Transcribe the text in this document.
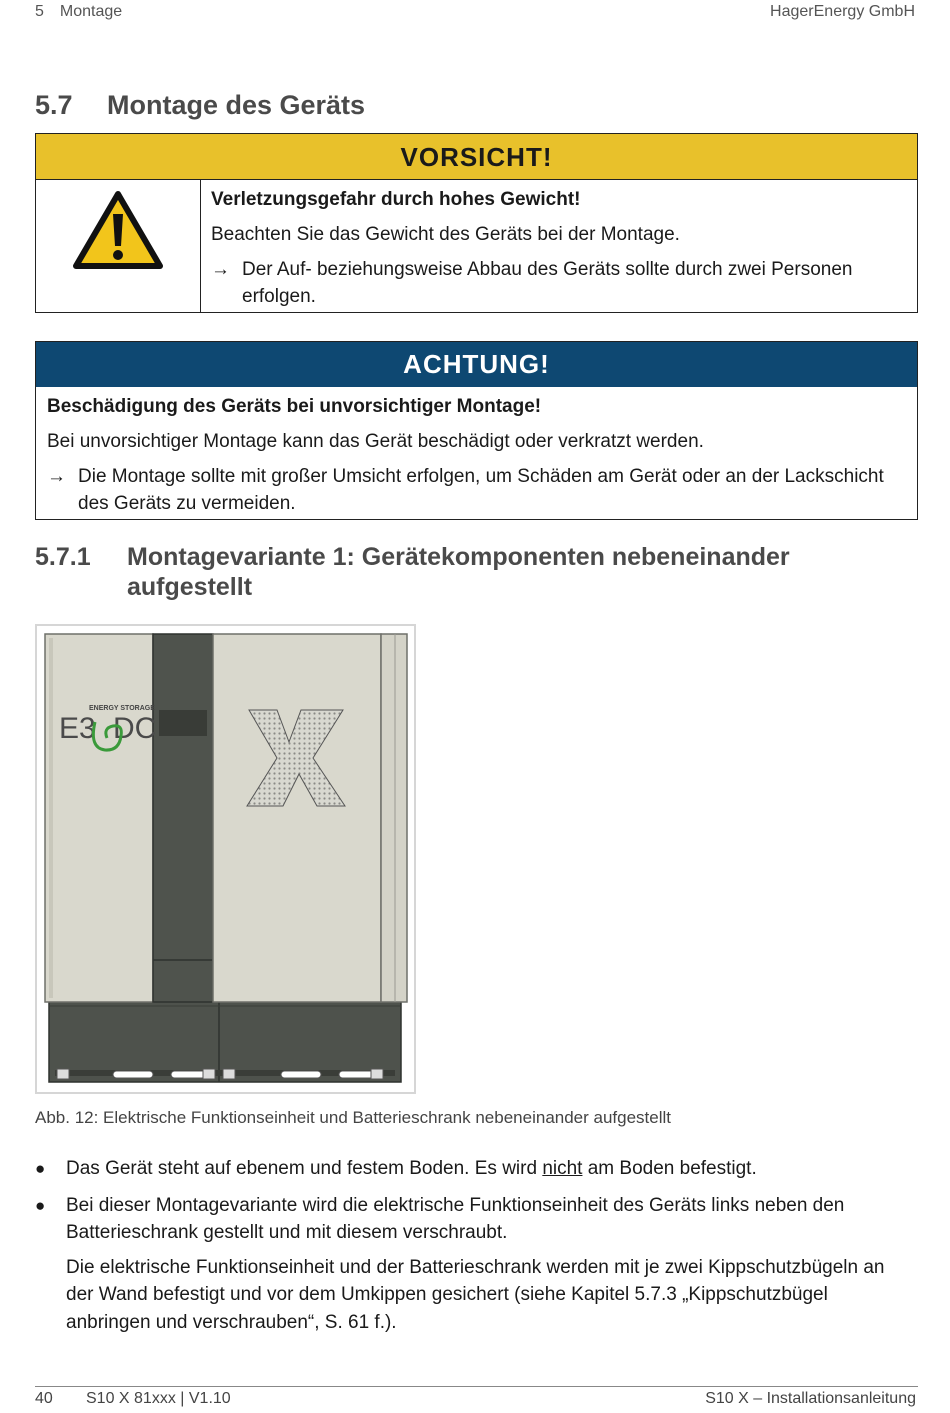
5 Montage	HagerEnergy GmbH
5.7 Montage des Geräts
VORSICHT!
Verletzungsgefahr durch hohes Gewicht!
Beachten Sie das Gewicht des Geräts bei der Montage.
→ Der Auf- beziehungsweise Abbau des Geräts sollte durch zwei Personen erfolgen.
ACHTUNG!
Beschädigung des Geräts bei unvorsichtiger Montage!
Bei unvorsichtiger Montage kann das Gerät beschädigt oder verkratzt werden.
→ Die Montage sollte mit großer Umsicht erfolgen, um Schäden am Gerät oder an der Lackschicht des Geräts zu vermeiden.
5.7.1 Montagevariante 1: Gerätekomponenten nebeneinander aufgestellt
ENERGY STORAGE
E3 DC
Abb. 12: Elektrische Funktionseinheit und Batterieschrank nebeneinander aufgestellt
● Das Gerät steht auf ebenem und festem Boden. Es wird nicht am Boden befestigt.
● Bei dieser Montagevariante wird die elektrische Funktionseinheit des Geräts links neben den Batterieschrank gestellt und mit diesem verschraubt.
Die elektrische Funktionseinheit und der Batterieschrank werden mit je zwei Kippschutzbügeln an der Wand befestigt und vor dem Umkippen gesichert (siehe Kapitel 5.7.3 „Kippschutzbügel anbringen und verschrauben“, S. 61 f.).
40 S10 X 81xxx | V1.10	S10 X – Installationsanleitung
